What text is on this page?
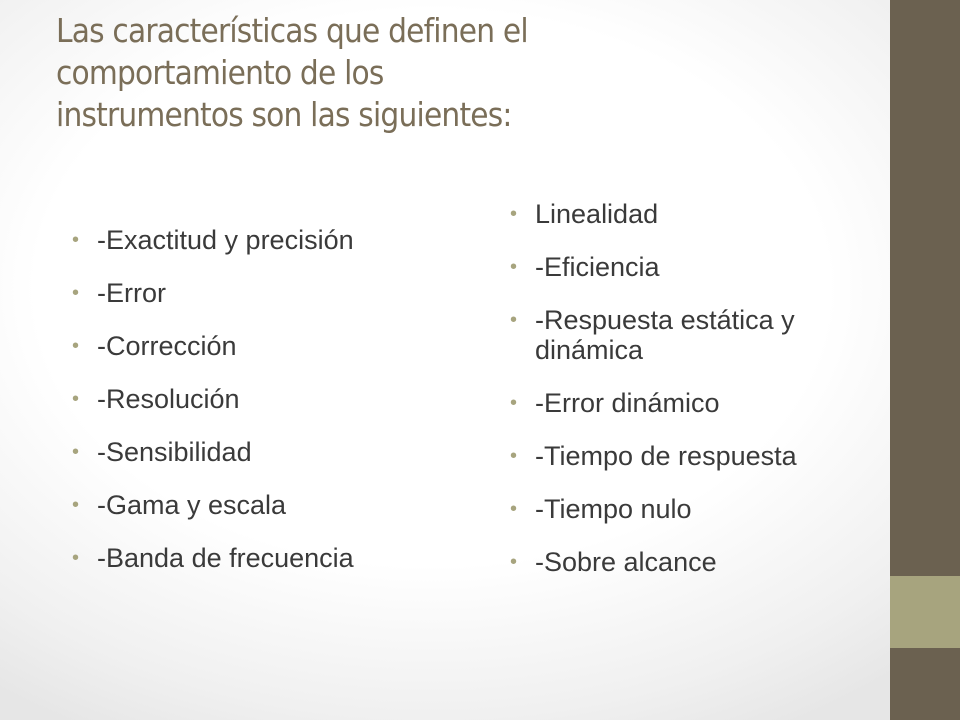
Las características que definen el
comportamiento de los
instrumentos son las siguientes:
• -Exactitud y precisión
• -Error
• -Corrección
• -Resolución
• -Sensibilidad
• -Gama y escala
• -Banda de frecuencia
• Linealidad
• -Eficiencia
• -Respuesta estática y dinámica
• -Error dinámico
• -Tiempo de respuesta
• -Tiempo nulo
• -Sobre alcance
